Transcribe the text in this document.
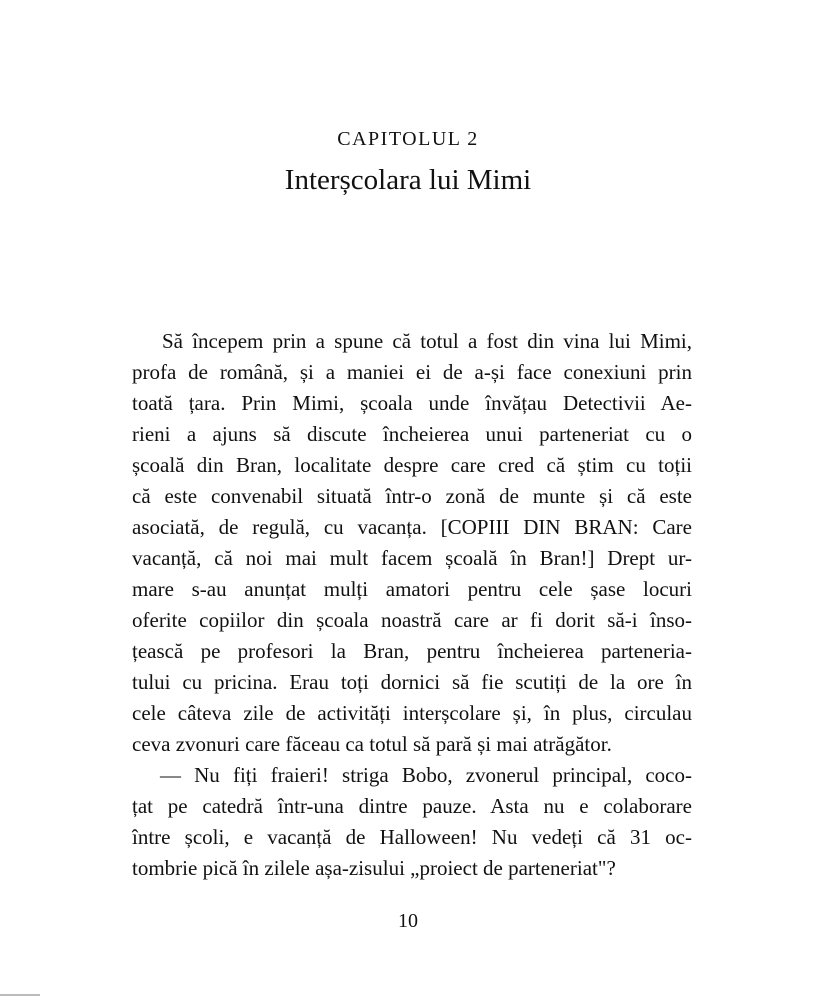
CAPITOLUL 2
Interșcolara lui Mimi
Să începem prin a spune că totul a fost din vina lui Mimi,
profa de română, și a maniei ei de a-și face conexiuni prin
toată țara. Prin Mimi, școala unde învățau Detectivii Ae-
rieni a ajuns să discute încheierea unui parteneriat cu o
școală din Bran, localitate despre care cred că știm cu toții
că este convenabil situată într-o zonă de munte și că este
asociată, de regulă, cu vacanța. [COPIII DIN BRAN: Care
vacanță, că noi mai mult facem școală în Bran!] Drept ur-
mare s-au anunțat mulți amatori pentru cele șase locuri
oferite copiilor din școala noastră care ar fi dorit să-i înso-
țească pe profesori la Bran, pentru încheierea parteneria-
tului cu pricina. Erau toți dornici să fie scutiți de la ore în
cele câteva zile de activități interșcolare și, în plus, circulau
ceva zvonuri care făceau ca totul să pară și mai atrăgător.
— Nu fiți fraieri! striga Bobo, zvonerul principal, coco-
țat pe catedră într-una dintre pauze. Asta nu e colaborare
între școli, e vacanță de Halloween! Nu vedeți că 31 oc-
tombrie pică în zilele așa-zisului „proiect de parteneriat"?
10
